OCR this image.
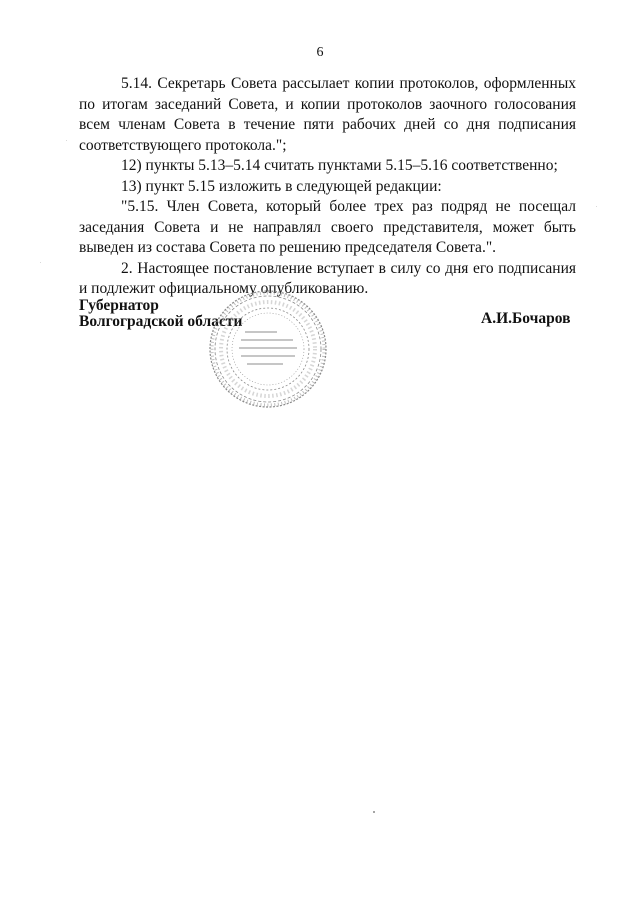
6

5.14. Секретарь Совета рассылает копии протоколов, оформленных по итогам заседаний Совета, и копии протоколов заочного голосования всем членам Совета в течение пяти рабочих дней со дня подписания соответствующего протокола.";

12) пункты 5.13–5.14 считать пунктами 5.15–5.16 соответственно;

13) пункт 5.15 изложить в следующей редакции:

"5.15. Член Совета, который более трех раз подряд не посещал заседания Совета и не направлял своего представителя, может быть выведен из состава Совета по решению председателя Совета.".

2. Настоящее постановление вступает в силу со дня его подписания и подлежит официальному опубликованию.

Губернатор
Волгоградской области	А.И.Бочаров
